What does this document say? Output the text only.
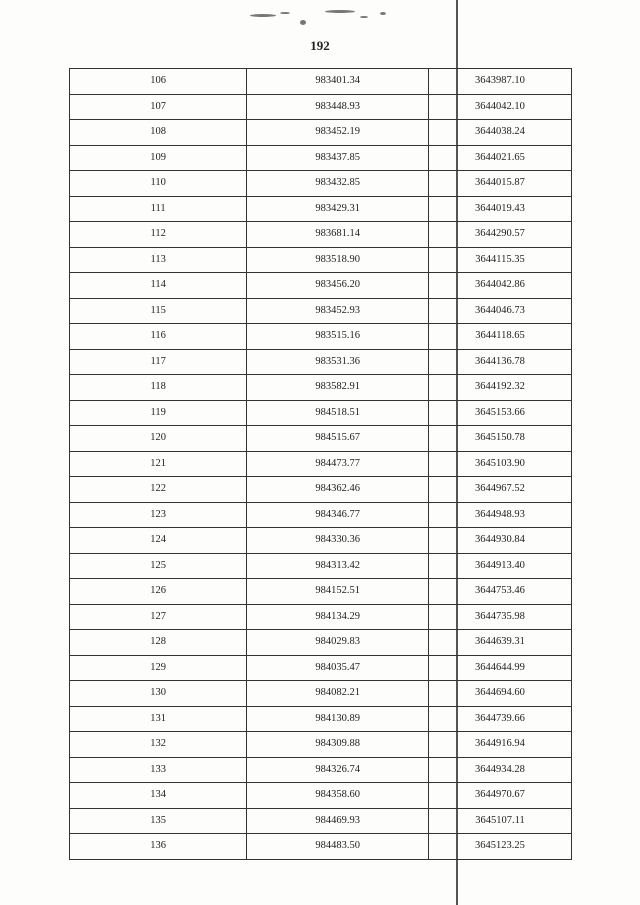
192
106	983401.34	3643987.10
107	983448.93	3644042.10
108	983452.19	3644038.24
109	983437.85	3644021.65
110	983432.85	3644015.87
111	983429.31	3644019.43
112	983681.14	3644290.57
113	983518.90	3644115.35
114	983456.20	3644042.86
115	983452.93	3644046.73
116	983515.16	3644118.65
117	983531.36	3644136.78
118	983582.91	3644192.32
119	984518.51	3645153.66
120	984515.67	3645150.78
121	984473.77	3645103.90
122	984362.46	3644967.52
123	984346.77	3644948.93
124	984330.36	3644930.84
125	984313.42	3644913.40
126	984152.51	3644753.46
127	984134.29	3644735.98
128	984029.83	3644639.31
129	984035.47	3644644.99
130	984082.21	3644694.60
131	984130.89	3644739.66
132	984309.88	3644916.94
133	984326.74	3644934.28
134	984358.60	3644970.67
135	984469.93	3645107.11
136	984483.50	3645123.25
